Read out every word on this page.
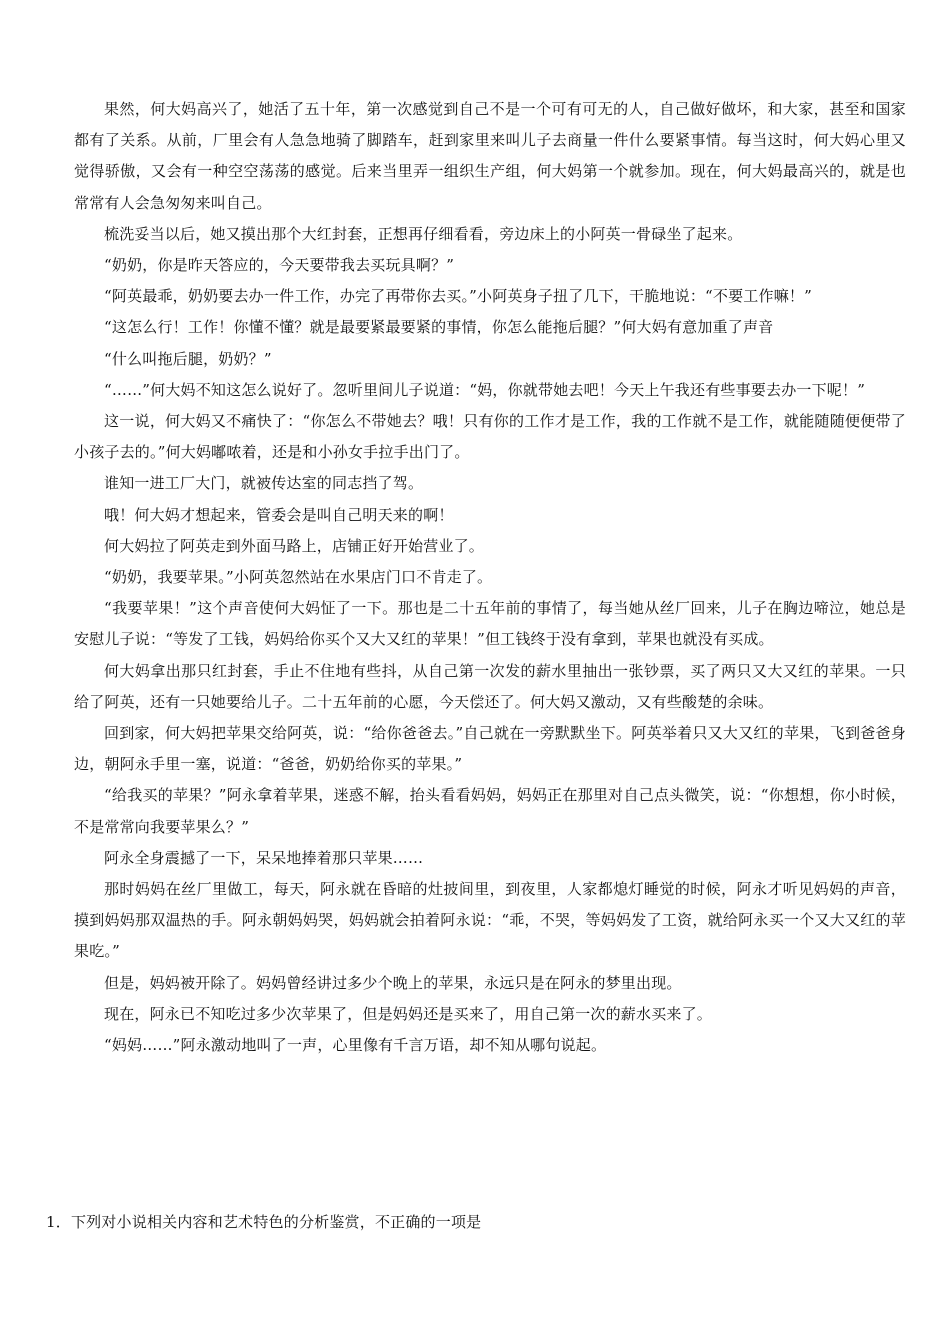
果然，何大妈高兴了，她活了五十年，第一次感觉到自己不是一个可有可无的人，自己做好做坏，和大家，甚至和国家都有了关系。从前，厂里会有人急急地骑了脚踏车，赶到家里来叫儿子去商量一件什么要紧事情。每当这时，何大妈心里又觉得骄傲，又会有一种空空荡荡的感觉。后来当里弄一组织生产组，何大妈第一个就参加。现在，何大妈最高兴的，就是也常常有人会急匆匆来叫自己。

梳洗妥当以后，她又摸出那个大红封套，正想再仔细看看，旁边床上的小阿英一骨碌坐了起来。

“奶奶，你是昨天答应的，今天要带我去买玩具啊？”

“阿英最乖，奶奶要去办一件工作，办完了再带你去买。”小阿英身子扭了几下，干脆地说：“不要工作嘛！”

“这怎么行！工作！你懂不懂？就是最要紧最要紧的事情，你怎么能拖后腿？”何大妈有意加重了声音

“什么叫拖后腿，奶奶？”

“……”何大妈不知这怎么说好了。忽听里间儿子说道：“妈，你就带她去吧！今天上午我还有些事要去办一下呢！”

这一说，何大妈又不痛快了：“你怎么不带她去？哦！只有你的工作才是工作，我的工作就不是工作，就能随随便便带了小孩子去的。”何大妈嘟哝着，还是和小孙女手拉手出门了。

谁知一进工厂大门，就被传达室的同志挡了驾。

哦！何大妈才想起来，管委会是叫自己明天来的啊！

何大妈拉了阿英走到外面马路上，店铺正好开始营业了。

“奶奶，我要苹果。”小阿英忽然站在水果店门口不肯走了。

“我要苹果！”这个声音使何大妈怔了一下。那也是二十五年前的事情了，每当她从丝厂回来，儿子在胸边啼泣，她总是安慰儿子说：“等发了工钱，妈妈给你买个又大又红的苹果！”但工钱终于没有拿到，苹果也就没有买成。

何大妈拿出那只红封套，手止不住地有些抖，从自己第一次发的薪水里抽出一张钞票，买了两只又大又红的苹果。一只给了阿英，还有一只她要给儿子。二十五年前的心愿，今天偿还了。何大妈又激动，又有些酸楚的余味。

回到家，何大妈把苹果交给阿英，说：“给你爸爸去。”自己就在一旁默默坐下。阿英举着只又大又红的苹果，飞到爸爸身边，朝阿永手里一塞，说道：“爸爸，奶奶给你买的苹果。”

“给我买的苹果？”阿永拿着苹果，迷惑不解，抬头看看妈妈，妈妈正在那里对自己点头微笑，说：“你想想，你小时候，不是常常向我要苹果么？”

阿永全身震撼了一下，呆呆地捧着那只苹果……

那时妈妈在丝厂里做工，每天，阿永就在昏暗的灶披间里，到夜里，人家都熄灯睡觉的时候，阿永才听见妈妈的声音，摸到妈妈那双温热的手。阿永朝妈妈哭，妈妈就会拍着阿永说：“乖，不哭，等妈妈发了工资，就给阿永买一个又大又红的苹果吃。”

但是，妈妈被开除了。妈妈曾经讲过多少个晚上的苹果，永远只是在阿永的梦里出现。

现在，阿永已不知吃过多少次苹果了，但是妈妈还是买来了，用自己第一次的薪水买来了。

“妈妈……”阿永激动地叫了一声，心里像有千言万语，却不知从哪句说起。

1．下列对小说相关内容和艺术特色的分析鉴赏，不正确的一项是
